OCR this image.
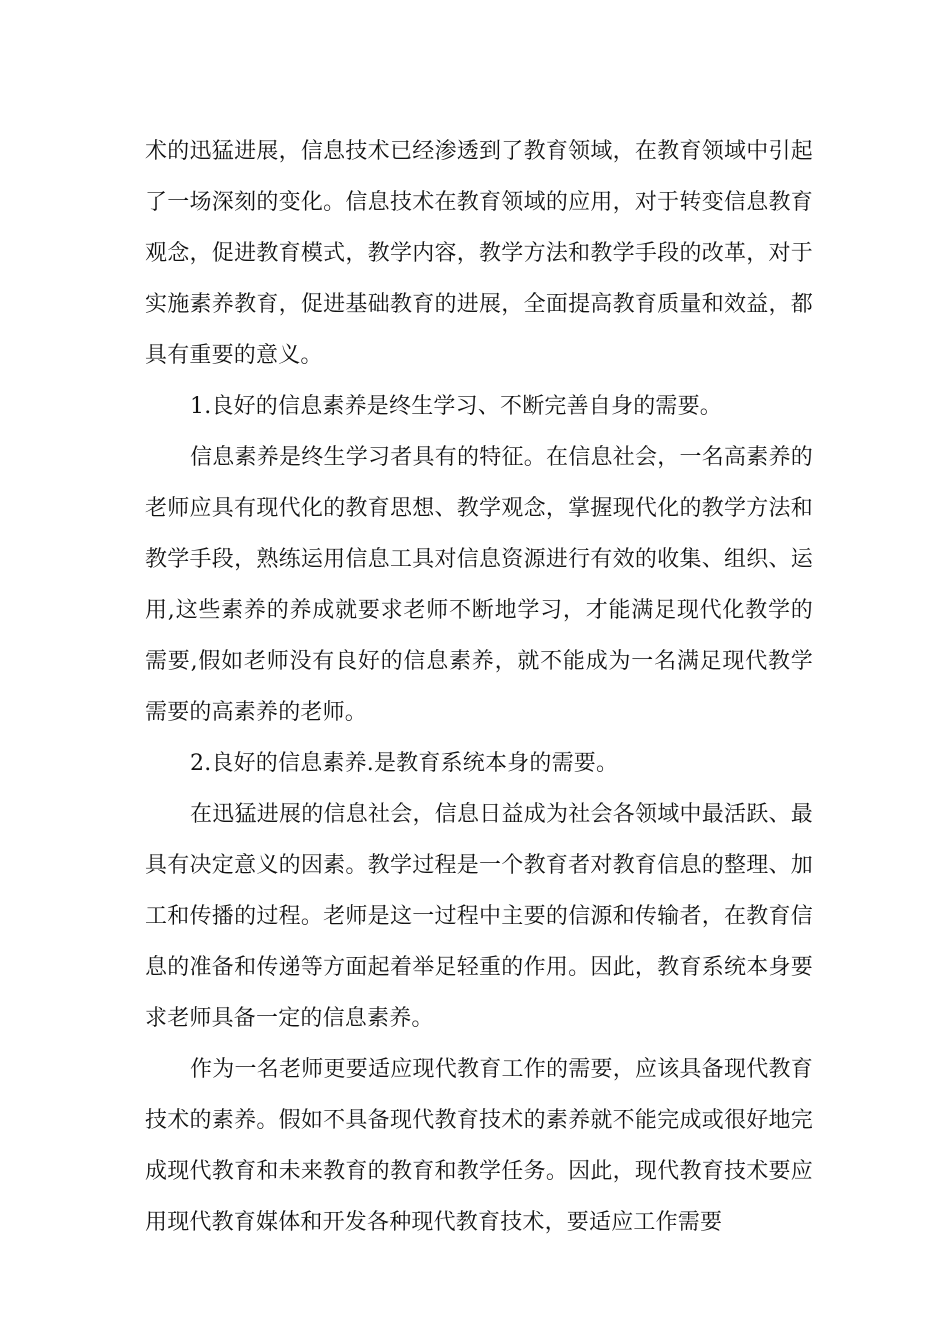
术的迅猛进展，信息技术已经渗透到了教育领域，在教育领域中引起了一场深刻的变化。信息技术在教育领域的应用，对于转变信息教育观念，促进教育模式，教学内容，教学方法和教学手段的改革，对于实施素养教育，促进基础教育的进展，全面提高教育质量和效益，都具有重要的意义。

1.良好的信息素养是终生学习、不断完善自身的需要。

信息素养是终生学习者具有的特征。在信息社会，一名高素养的老师应具有现代化的教育思想、教学观念，掌握现代化的教学方法和教学手段，熟练运用信息工具对信息资源进行有效的收集、组织、运用,这些素养的养成就要求老师不断地学习，才能满足现代化教学的需要,假如老师没有良好的信息素养，就不能成为一名满足现代教学需要的高素养的老师。

2.良好的信息素养.是教育系统本身的需要。

在迅猛进展的信息社会，信息日益成为社会各领域中最活跃、最具有决定意义的因素。教学过程是一个教育者对教育信息的整理、加工和传播的过程。老师是这一过程中主要的信源和传输者，在教育信息的准备和传递等方面起着举足轻重的作用。因此，教育系统本身要求老师具备一定的信息素养。

作为一名老师更要适应现代教育工作的需要，应该具备现代教育技术的素养。假如不具备现代教育技术的素养就不能完成或很好地完成现代教育和未来教育的教育和教学任务。因此，现代教育技术要应用现代教育媒体和开发各种现代教育技术，要适应工作需要
